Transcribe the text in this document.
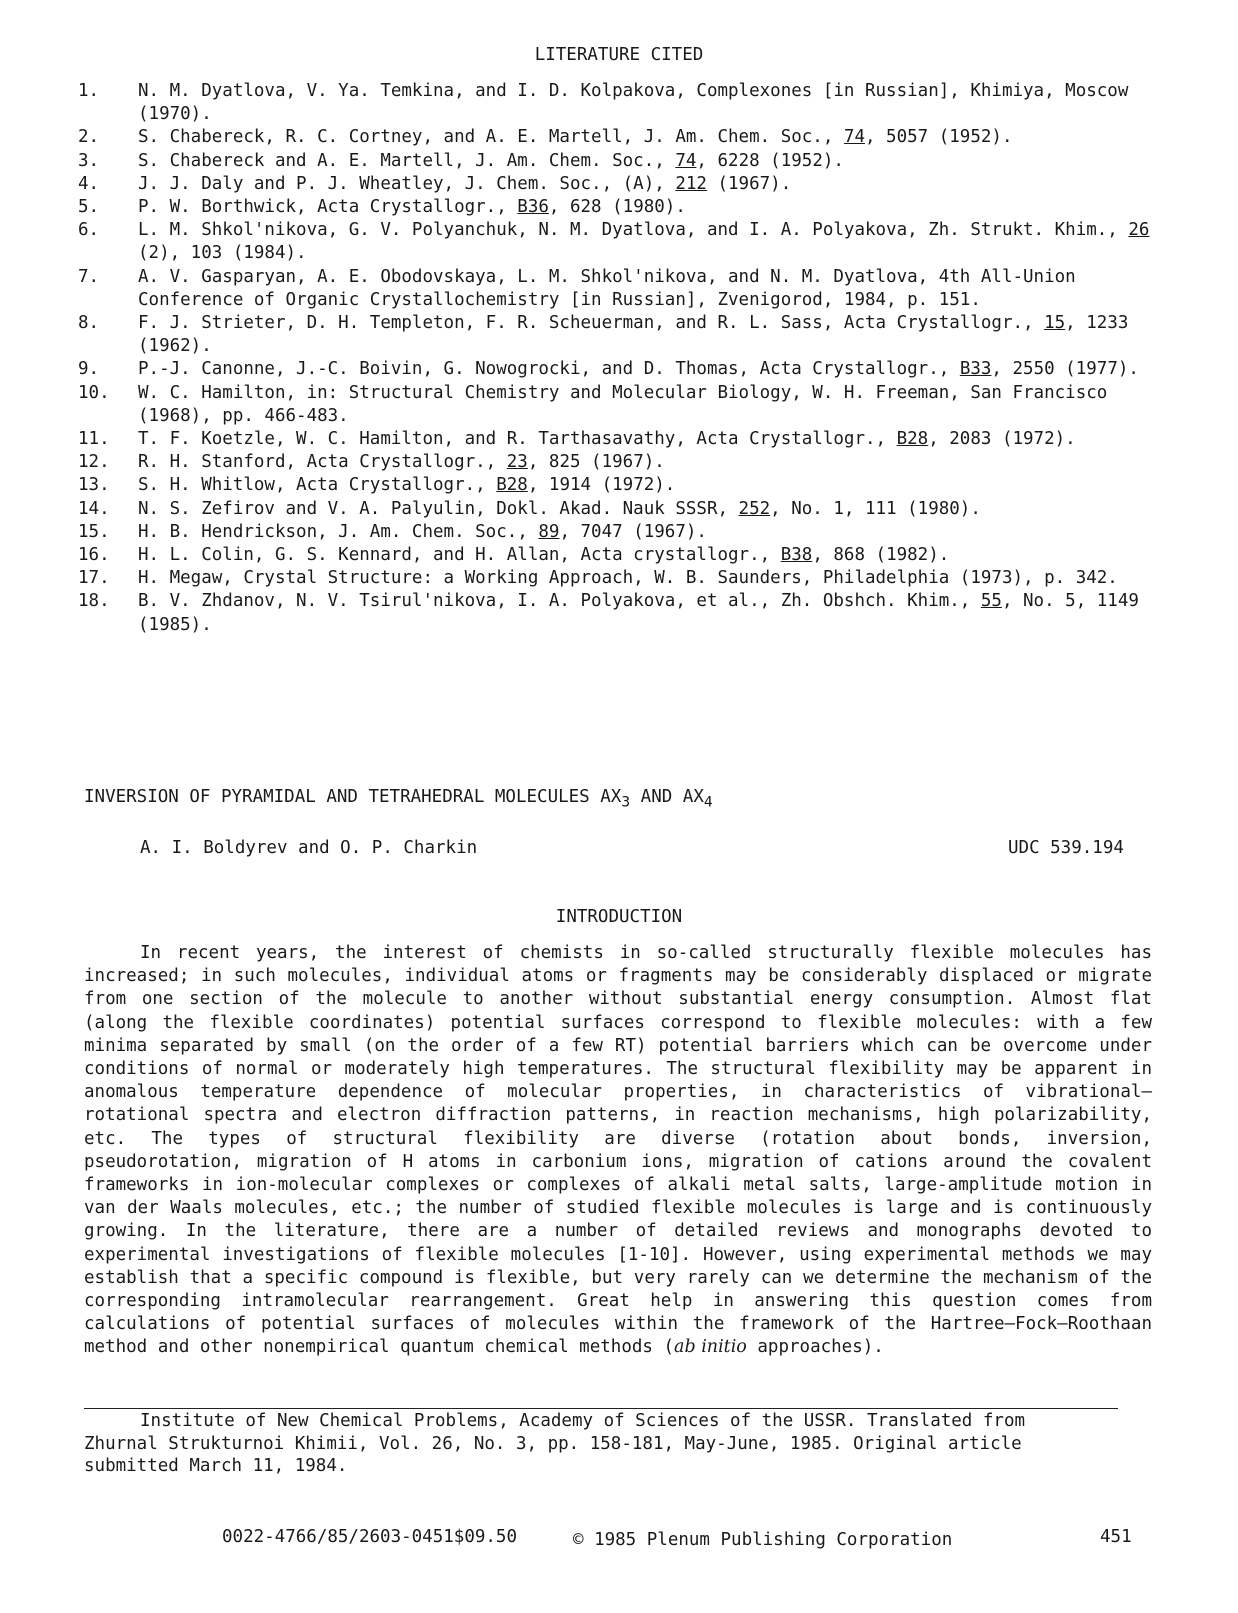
LITERATURE CITED
1.	N. M. Dyatlova, V. Ya. Temkina, and I. D. Kolpakova, Complexones [in Russian], Khimiya, Moscow (1970).
2.	S. Chabereck, R. C. Cortney, and A. E. Martell, J. Am. Chem. Soc., 74, 5057 (1952).
3.	S. Chabereck and A. E. Martell, J. Am. Chem. Soc., 74, 6228 (1952).
4.	J. J. Daly and P. J. Wheatley, J. Chem. Soc., (A), 212 (1967).
5.	P. W. Borthwick, Acta Crystallogr., B36, 628 (1980).
6.	L. M. Shkol'nikova, G. V. Polyanchuk, N. M. Dyatlova, and I. A. Polyakova, Zh. Strukt. Khim., 26 (2), 103 (1984).
7.	A. V. Gasparyan, A. E. Obodovskaya, L. M. Shkol'nikova, and N. M. Dyatlova, 4th All-Union Conference of Organic Crystallochemistry [in Russian], Zvenigorod, 1984, p. 151.
8.	F. J. Strieter, D. H. Templeton, F. R. Scheuerman, and R. L. Sass, Acta Crystallogr., 15, 1233 (1962).
9.	P.-J. Canonne, J.-C. Boivin, G. Nowogrocki, and D. Thomas, Acta Crystallogr., B33, 2550 (1977).
10.	W. C. Hamilton, in: Structural Chemistry and Molecular Biology, W. H. Freeman, San Francisco (1968), pp. 466-483.
11.	T. F. Koetzle, W. C. Hamilton, and R. Tarthasavathy, Acta Crystallogr., B28, 2083 (1972).
12.	R. H. Stanford, Acta Crystallogr., 23, 825 (1967).
13.	S. H. Whitlow, Acta Crystallogr., B28, 1914 (1972).
14.	N. S. Zefirov and V. A. Palyulin, Dokl. Akad. Nauk SSSR, 252, No. 1, 111 (1980).
15.	H. B. Hendrickson, J. Am. Chem. Soc., 89, 7047 (1967).
16.	H. L. Colin, G. S. Kennard, and H. Allan, Acta crystallogr., B38, 868 (1982).
17.	H. Megaw, Crystal Structure: a Working Approach, W. B. Saunders, Philadelphia (1973), p. 342.
18.	B. V. Zhdanov, N. V. Tsirul'nikova, I. A. Polyakova, et al., Zh. Obshch. Khim., 55, No. 5, 1149 (1985).
INVERSION OF PYRAMIDAL AND TETRAHEDRAL MOLECULES $AX_3$ AND $AX_4$
A. I. Boldyrev and O. P. Charkin	UDC 539.194
INTRODUCTION
In recent years, the interest of chemists in so-called structurally flexible molecules has increased; in such molecules, individual atoms or fragments may be considerably displaced or migrate from one section of the molecule to another without substantial energy consumption. Almost flat (along the flexible coordinates) potential surfaces correspond to flexible molecules: with a few minima separated by small (on the order of a few RT) potential barriers which can be overcome under conditions of normal or moderately high temperatures. The structural flexibility may be apparent in anomalous temperature dependence of molecular properties, in characteristics of vibrational—rotational spectra and electron diffraction patterns, in reaction mechanisms, high polarizability, etc. The types of structural flexibility are diverse (rotation about bonds, inversion, pseudorotation, migration of H atoms in carbonium ions, migration of cations around the covalent frameworks in ion-molecular complexes or complexes of alkali metal salts, large-amplitude motion in van der Waals molecules, etc.; the number of studied flexible molecules is large and is continuously growing. In the literature, there are a number of detailed reviews and monographs devoted to experimental investigations of flexible molecules [1-10]. However, using experimental methods we may establish that a specific compound is flexible, but very rarely can we determine the mechanism of the corresponding intramolecular rearrangement. Great help in answering this question comes from calculations of potential surfaces of molecules within the framework of the Hartree—Fock—Roothaan method and other nonempirical quantum chemical methods (ab initio approaches).
Institute of New Chemical Problems, Academy of Sciences of the USSR. Translated from
Zhurnal Strukturnoi Khimii, Vol. 26, No. 3, pp. 158-181, May-June, 1985. Original article
submitted March 11, 1984.
0022-4766/85/2603-0451$09.50	© 1985 Plenum Publishing Corporation	451
